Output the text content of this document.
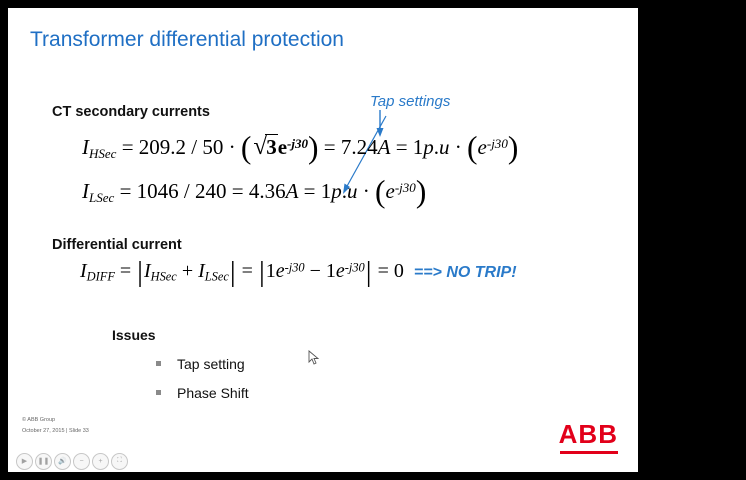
Transformer differential protection
CT secondary currents
Tap settings
$I_{HSec} = 209.2 / 50 \cdot (√3e^{-j30}) = 7.24A = 1p.u \cdot (e^{-j30})$
$I_{LSec} = 1046 / 240 = 4.36A = 1p.u \cdot (e^{-j30})$
Differential current
$I_{DIFF} = |I_{HSec} + I_{LSec}| = |1e^{-j30} - 1e^{-j30}| = 0$ ==> NO TRIP!
Issues
Tap setting
Phase Shift
© ABB Group
October 27, 2015 | Slide 33	ABB
▶	❚❚	🔊	−	+	⛶
